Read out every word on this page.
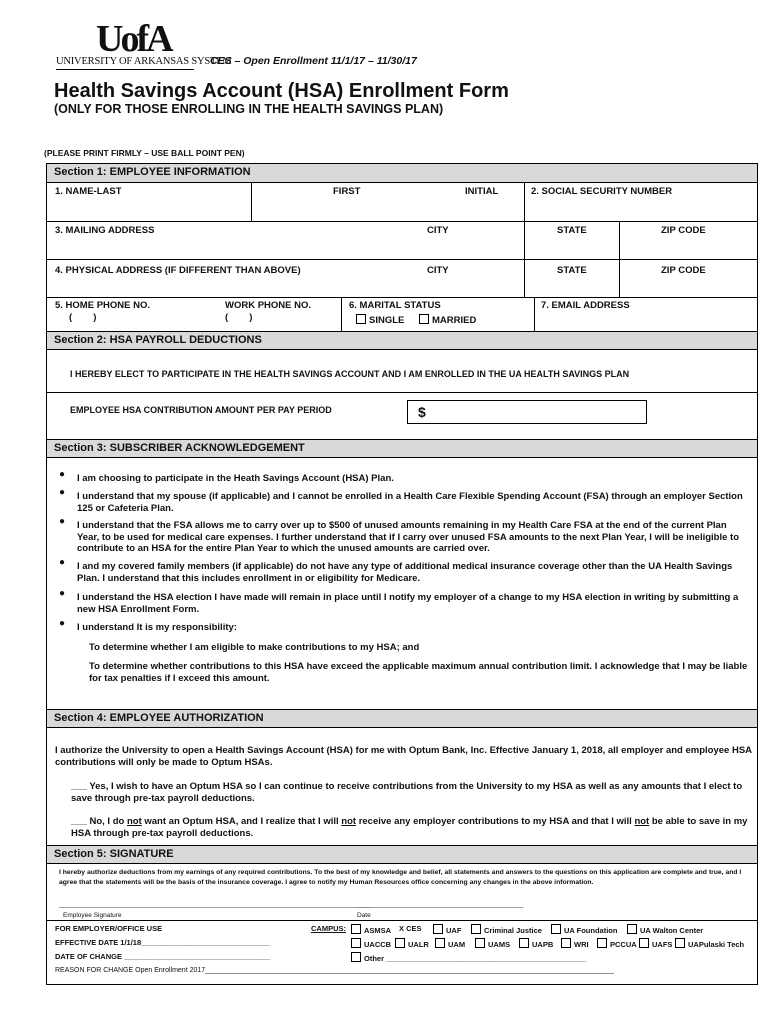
UofA
UNIVERSITY OF ARKANSAS SYSTEM
CES – Open Enrollment 11/1/17 – 11/30/17
Health Savings Account (HSA) Enrollment Form
(ONLY FOR THOSE ENROLLING IN THE HEALTH SAVINGS PLAN)
(PLEASE PRINT FIRMLY – USE BALL POINT PEN)
Section 1: EMPLOYEE INFORMATION
1. NAME-LAST	FIRST	INITIAL	2. SOCIAL SECURITY NUMBER
3. MAILING ADDRESS	CITY	STATE	ZIP CODE
4. PHYSICAL ADDRESS (IF DIFFERENT THAN ABOVE)	CITY	STATE	ZIP CODE
5. HOME PHONE NO.
(        )
WORK PHONE NO.
(        )
6. MARITAL STATUS
SINGLE	MARRIED
7. EMAIL ADDRESS
Section 2: HSA PAYROLL DEDUCTIONS
I HEREBY ELECT TO PARTICIPATE IN THE HEALTH SAVINGS ACCOUNT AND I AM ENROLLED IN THE UA HEALTH SAVINGS PLAN
EMPLOYEE HSA CONTRIBUTION AMOUNT PER PAY PERIOD	$
Section 3: SUBSCRIBER ACKNOWLEDGEMENT
● I am choosing to participate in the Heath Savings Account (HSA) Plan.
● I understand that my spouse (if applicable) and I cannot be enrolled in a Health Care Flexible Spending Account (FSA) through an employer Section 125 or Cafeteria Plan.
● I understand that the FSA allows me to carry over up to $500 of unused amounts remaining in my Health Care FSA at the end of the current Plan Year, to be used for medical care expenses. I further understand that if I carry over unused FSA amounts to the next Plan Year, I will be ineligible to contribute to an HSA for the entire Plan Year to which the unused amounts are carried over.
● I and my covered family members (if applicable) do not have any type of additional medical insurance coverage other than the UA Health Savings Plan. I understand that this includes enrollment in or eligibility for Medicare.
● I understand the HSA election I have made will remain in place until I notify my employer of a change to my HSA election in writing by submitting a new HSA Enrollment Form.
● I understand It is my responsibility:
To determine whether I am eligible to make contributions to my HSA; and
To determine whether contributions to this HSA have exceed the applicable maximum annual contribution limit. I acknowledge that I may be liable for tax penalties if I exceed this amount.
Section 4: EMPLOYEE AUTHORIZATION
I authorize the University to open a Health Savings Account (HSA) for me with Optum Bank, Inc. Effective January 1, 2018, all employer and employee HSA contributions will only be made to Optum HSAs.
___ Yes, I wish to have an Optum HSA so I can continue to receive contributions from the University to my HSA as well as any amounts that I elect to save through pre-tax payroll deductions.
___ No, I do not want an Optum HSA, and I realize that I will not receive any employer contributions to my HSA and that I will not be able to save in my HSA through pre-tax payroll deductions.
Section 5: SIGNATURE
I hereby authorize deductions from my earnings of any required contributions. To the best of my knowledge and belief, all statements and answers to the questions on this application are complete and true, and I agree that the statements will be the basis of the insurance coverage. I agree to notify my Human Resources office concerning any changes in the above information.
______________________________________________________________________________________
______________________________________________
Employee Signature	Date
FOR EMPLOYER/OFFICE USE	CAMPUS:	ASMSA X CES	UAF	Criminal Justice	UA Foundation	UA Walton Center
EFFECTIVE DATE 1/1/18_______________________________	UACCB	UALR	UAM	UAMS	UAPB	WRI	PCCUA	UAFS	UAPulaski Tech
DATE OF CHANGE ___________________________________	Other ________________________________________________
REASON FOR CHANGE Open Enrollment 2017_________________________________________________________________________________________________________
